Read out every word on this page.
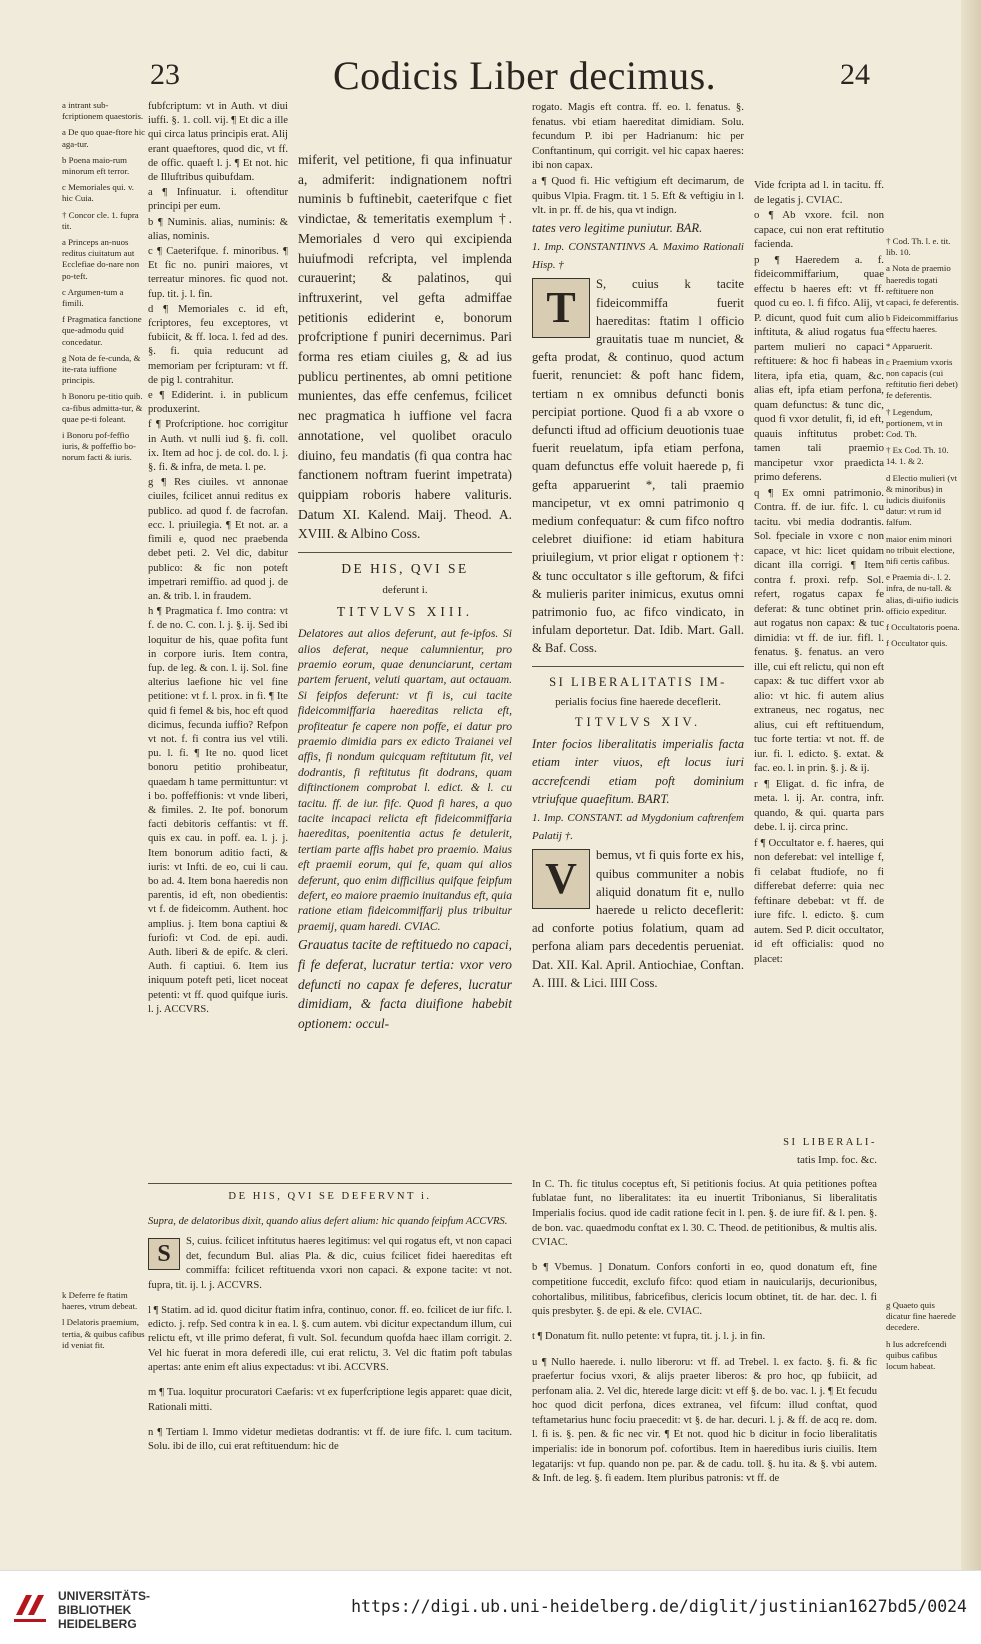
23	Codicis Liber decimus.	24

a intrant sub-fcriptionem quaestoris.

a De quo quae-ftore hic aga-tur.

b Poena maio-rum minorum eft terror.

c Memoriales qui. v. hic Cuia.

† Concor cle. 1. fupra tit.

a Princeps an-nuos reditus ciuitatum aut Ecclefiae do-nare non po-teft.

c Argumen-tum a fimili.

f Pragmatica fanctione que-admodu quid concedatur.

g Nota de fe-cunda, & ite-rata iuffione principis.

h Bonoru pe-titio quib. ca-fibus admitta-tur, & quae pe-ti foleant.

i Bonoru pof-feffio iuris, & poffeffio bo-norum facti & iuris.

fubfcriptum: vt in Auth. vt diui iuffi. §. 1. coll. vij. ¶ Et dic a ille qui circa latus principis erat. Alij erant quaeftores, quod dic, vt ff. de offic. quaeft l. j. ¶ Et not. hic de Illuftribus quibufdam.

a ¶ Infinuatur. i. oftenditur principi per eum.

b ¶ Numinis. alias, numinis: & alias, nominis.

c ¶ Caeterifque. f. minoribus. ¶ Et fic no. puniri maiores, vt terreatur minores. fic quod not. fup. tit. j. l. fin.

d ¶ Memoriales c. id eft, fcriptores, feu exceptores, vt fubiicit, & ff. loca. l. fed ad des. §. fi. quia reducunt ad memoriam per fcripturam: vt ff. de pig l. contrahitur.

e ¶ Ediderint. i. in publicum produxerint.

f ¶ Profcriptione. hoc corrigitur in Auth. vt nulli iud §. fi. coll. ix. Item ad hoc j. de col. do. l. j. §. fi. & infra, de meta. l. pe.

g ¶ Res ciuiles. vt annonae ciuiles, fcilicet annui reditus ex publico. ad quod f. de facrofan. ecc. l. priuilegia. ¶ Et not. ar. a fimili e, quod nec praebenda debet peti. 2. Vel dic, dabitur publico: & fic non poteft impetrari remiffio. ad quod j. de an. & trib. l. in fraudem.

h ¶ Pragmatica f. Imo contra: vt f. de no. C. con. l. j. §. ij. Sed ibi loquitur de his, quae pofita funt in corpore iuris. Item contra, fup. de leg. & con. l. ij. Sol. fine alterius laefione hic vel fine petitione: vt f. l. prox. in fi. ¶ Ite quid fi femel & bis, hoc eft quod dicimus, fecunda iuffio? Refpon vt not. f. fi contra ius vel vtili. pu. l. fi. ¶ Ite no. quod licet bonoru petitio prohibeatur, quaedam h tame permittuntur: vt i bo. poffeffionis: vt vnde liberi, & fimiles. 2. Ite pof. bonorum facti debitoris ceffantis: vt ff. quis ex cau. in poff. ea. l. j. j. Item bonorum aditio facti, & iuris: vt Infti. de eo, cui li cau. bo ad. 4. Item bona haeredis non parentis, id eft, non obedientis: vt f. de fideicomm. Authent. hoc amplius. j. Item bona captiui & furiofi: vt Cod. de epi. audi. Auth. liberi & de epifc. & cleri. Auth. fi captiui. 6. Item ius iniquum poteft peti, licet noceat petenti: vt ff. quod quifque iuris. l. j. ACCVRS.

miferit, vel petitione, fi qua infinuatur a, admiferit: indignationem noftri numinis b fuftinebit, caeterifque c fiet vindictae, & temeritatis exemplum †. Memoriales d vero qui excipienda huiufmodi refcripta, vel implenda curauerint; & palatinos, qui inftruxerint, vel gefta admiffae petitionis ediderint e, bonorum profcriptione f puniri decernimus. Pari forma res etiam ciuiles g, & ad ius publicu pertinentes, ab omni petitione munientes, das effe cenfemus, fcilicet nec pragmatica h iuffione vel facra annotatione, vel quolibet oraculo diuino, feu mandatis (fi qua contra hac fanctionem noftram fuerint impetrata) quippiam roboris habere valituris. Datum XI. Kalend. Maij. Theod. A. XVIII. & Albino Coss.

DE HIS, QVI SE
deferunt i.
TITVLVS XIII.

Delatores aut alios deferunt, aut fe-ipfos. Si alios deferat, neque calumnientur, pro praemio eorum, quae denunciarunt, certam partem feruent, veluti quartam, aut octauam. Si feipfos deferunt: vt fi is, cui tacite fideicommiffaria haereditas relicta eft, profiteatur fe capere non poffe, ei datur pro praemio dimidia pars ex edicto Traianei vel affis, fi nondum quicquam reftitutum fit, vel dodrantis, fi reftitutus fit dodrans, quam diftinctionem comprobat l. edict. & l. cu tacitu. ff. de iur. fifc. Quod fi hares, a quo tacite incapaci relicta eft fideicommiffaria haereditas, poenitentia actus fe detulerit, tertiam parte affis habet pro praemio. Maius eft praemii eorum, qui fe, quam qui alios deferunt, quo enim difficilius quifque feipfum defert, eo maiore praemio inuitandus eft, quia ratione etiam fideicommiffarij plus tribuitur praemij, quam haredi. CVIAC.

Grauatus tacite de reftituedo no capaci, fi fe deferat, lucratur tertia: vxor vero defuncti no capax fe deferes, lucratur dimidiam, & facta diuifione habebit optionem: occul-

rogato. Magis eft contra. ff. eo. l. fenatus. §. fenatus. vbi etiam haereditat dimidiam. Solu. fecundum P. ibi per Hadrianum: hic per Conftantinum, qui corrigit. vel hic capax haeres: ibi non capax.

a ¶ Quod fi. Hic veftigium eft decimarum, de quibus Vlpia. Fragm. tit. 1 5. Eft & veftigiu in l. vlt. in pr. ff. de his, qua vt indign.

tates vero legitime puniutur. BAR.

1. Imp. CONSTANTINVS A. Maximo Rationali Hisp. †

T	S, cuius k tacite fideicommiffa fuerit haereditas: ftatim l officio grauitatis tuae m nunciet, & gefta prodat, & continuo, quod actum fuerit, renunciet: & poft hanc fidem, tertiam n ex omnibus defuncti bonis percipiat portione. Quod fi a ab vxore o defuncti iftud ad officium deuotionis tuae fuerit reuelatum, ipfa etiam perfona, quam defunctus effe voluit haerede p, fi gefta apparuerint *, tali praemio mancipetur, vt ex omni patrimonio q medium confequatur: & cum fifco noftro celebret diuifione: id etiam habitura priuilegium, vt prior eligat r optionem †: & tunc occultator s ille geftorum, & fifci & mulieris pariter inimicus, exutus omni patrimonio fuo, ac fifco vindicato, in infulam deportetur. Dat. Idib. Mart. Gall. & Baf. Coss.
SI LIBERALITATIS IM-
perialis focius fine haerede deceflerit.
TITVLVS XIV.

Inter focios liberalitatis imperialis facta etiam inter viuos, eft locus iuri accrefcendi etiam poft dominium vtriufque quaefitum. BART.

1. Imp. CONSTANT. ad Mygdonium caftrenfem Palatij †.

V	bemus, vt fi quis forte ex his, quibus communiter a nobis aliquid donatum fit e, nullo haerede u relicto deceflerit: ad conforte potius folatium, quam ad perfona aliam pars decedentis perueniat. Dat. XII. Kal. April. Antiochiae, Conftan. A. IIII. & Lici. IIII Coss.

Vide fcripta ad l. in tacitu. ff. de legatis j. CVIAC.

o ¶ Ab vxore. fcil. non capace, cui non erat reftitutio facienda.

p ¶ Haeredem a. f. fideicommiffarium, quae effectu b haeres eft: vt ff. quod cu eo. l. fi fifco. Alij, vt P. dicunt, quod fuit cum alio inftituta, & aliud rogatus fua partem mulieri no capaci reftituere: & hoc fi habeas in litera, ipfa etia, quam, &c. alias eft, ipfa etiam perfona, quam defunctus: & tunc dic, quod fi vxor detulit, fi, id eft, quauis inftitutus probet: tamen tali praemio mancipetur vxor praedicta primo deferens.

q ¶ Ex omni patrimonio. Contra. ff. de iur. fifc. l. cu tacitu. vbi media dodrantis. Sol. fpeciale in vxore c non capace, vt hic: licet quidam dicant illa corrigi. ¶ Item contra f. proxi. refp. Sol. refert, rogatus capax fe deferat: & tunc obtinet prin. aut rogatus non capax: & tuc dimidia: vt ff. de iur. fifl. l. fenatus. §. fenatus. an vero ille, cui eft relictu, qui non eft capax: & tuc differt vxor ab alio: vt hic. fi autem alius extraneus, nec rogatus, nec alius, cui eft reftituendum, tuc forte tertia: vt not. ff. de iur. fi. l. edicto. §. extat. & fac. eo. l. in prin. §. j. & ij.

r ¶ Eligat. d. fic infra, de meta. l. ij. Ar. contra, infr. quando, & qui. quarta pars debe. l. ij. circa princ.

f ¶ Occultator e. f. haeres, qui non deferebat: vel intellige f, fi celabat ftudiofe, no fi differebat deferre: quia nec feftinare debebat: vt ff. de iure fifc. l. edicto. §. cum autem. Sed P. dicit occultator, id eft officialis: quod no placet:

† Cod. Th. l. e. tit. lib. 10.

a Nota de praemio haeredis togati reftituere non capaci, fe deferentis.

b Fideicommiffarius effectu haeres.

* Apparuerit.

c Praemium vxoris non capacis (cui reftitutio fieri debet) fe deferentis.

† Legendum, portionem, vt in Cod. Th.

† Ex Cod. Th. 10. 14. 1. & 2.

d Electio mulieri (vt & minoribus) in iudicis diuifoniis datur: vt rum id falfum.

maior enim minori no tribuit electione, nifi certis cafibus.

e Praemia di-. l. 2. infra, de nu-tall. & alias, di-uifio iudicis officio expeditur.

f Occultatoris poena.

f Occultator quis.

DE HIS, QVI SE DEFERVNT i.

Supra, de delatoribus dixit, quando alius defert alium: hic quando feipfum ACCVRS.

S	S, cuius. fcilicet inftitutus haeres legitimus: vel qui rogatus eft, vt non capaci det, fecundum Bul. alias Pla. & dic, cuius fcilicet fidei haereditas eft commiffa: fcilicet reftituenda vxori non capaci. & expone tacite: vt not. fupra, tit. ij. l. j. ACCVRS.

l ¶ Statim. ad id. quod dicitur ftatim infra, continuo, conor. ff. eo. fcilicet de iur fifc. l. edicto. j. refp. Sed contra k in ea. l. §. cum autem. vbi dicitur expectandum illum, cui relictu eft, vt ille primo deferat, fi vult. Sol. fecundum quofda haec illam corrigit. 2. Vel hic fuerat in mora deferedi ille, cui erat relictu, 3. Vel dic ftatim poft tabulas apertas: ante enim eft alius expectadus: vt ibi. ACCVRS.

m ¶ Tua. loquitur procuratori Caefaris: vt ex fuperfcriptione legis apparet: quae dicit, Rationali mitti.

n ¶ Tertiam l. Immo videtur medietas dodrantis: vt ff. de iure fifc. l. cum tacitum. Solu. ibi de illo, cui erat reftituendum: hic de

SI LIBERALI-
tatis Imp. foc. &c.

In C. Th. fic titulus coceptus eft, Si petitionis focius. At quia petitiones poftea fublatae funt, no liberalitates: ita eu inuertit Tribonianus, Si liberalitatis Imperialis focius. quod ide cadit ratione fecit in l. pen. §. de iure fif. & l. pen. §. de bon. vac. quaedmodu conftat ex l. 30. C. Theod. de petitionibus, & multis alis. CVIAC.

b ¶ Vbemus. ] Donatum. Confors conforti in eo, quod donatum eft, fine competitione fuccedit, exclufo fifco: quod etiam in nauicularijs, decurionibus, cohortalibus, militibus, fabricefibus, clericis locum obtinet, tit. de har. dec. l. fi quis presbyter. §. de epi. & ele. CVIAC.

t ¶ Donatum fit. nullo petente: vt fupra, tit. j. l. j. in fin.

u ¶ Nullo haerede. i. nullo liberoru: vt ff. ad Trebel. l. ex facto. §. fi. & fic praefertur focius vxori, & alijs praeter liberos: & pro hoc, qp fubiicit, ad perfonam alia. 2. Vel dic, hterede large dicit: vt eff §. de bo. vac. l. j. ¶ Et fecudu hoc quod dicit perfona, dices extranea, vel fifcum: illud conftat, quod teftametarius hunc fociu praecedit: vt §. de har. decuri. l. j. & ff. de acq re. dom. l. fi is. §. pen. & fic nec vir. ¶ Et not. quod hic b dicitur in focio liberalitatis imperialis: ide in bonorum pof. cofortibus. Item in haeredibus iuris ciuilis. Item legatarijs: vt fup. quando non pe. par. & de cadu. toll. §. hu ita. & §. vbi autem. & Inft. de leg. §. fi eadem. Item pluribus patronis: vt ff. de

k Deferre fe ftatim haeres, vtrum debeat.

l Delatoris praemium, tertia, & quibus cafibus id veniat fit.

g Quaeto quis dicatur fine haerede decedere.

h Ius adcrefcendi quibus cafibus locum habeat.

UNIVERSITÄTS-
BIBLIOTHEK
HEIDELBERG
https://digi.ub.uni-heidelberg.de/diglit/justinian1627bd5/0024
